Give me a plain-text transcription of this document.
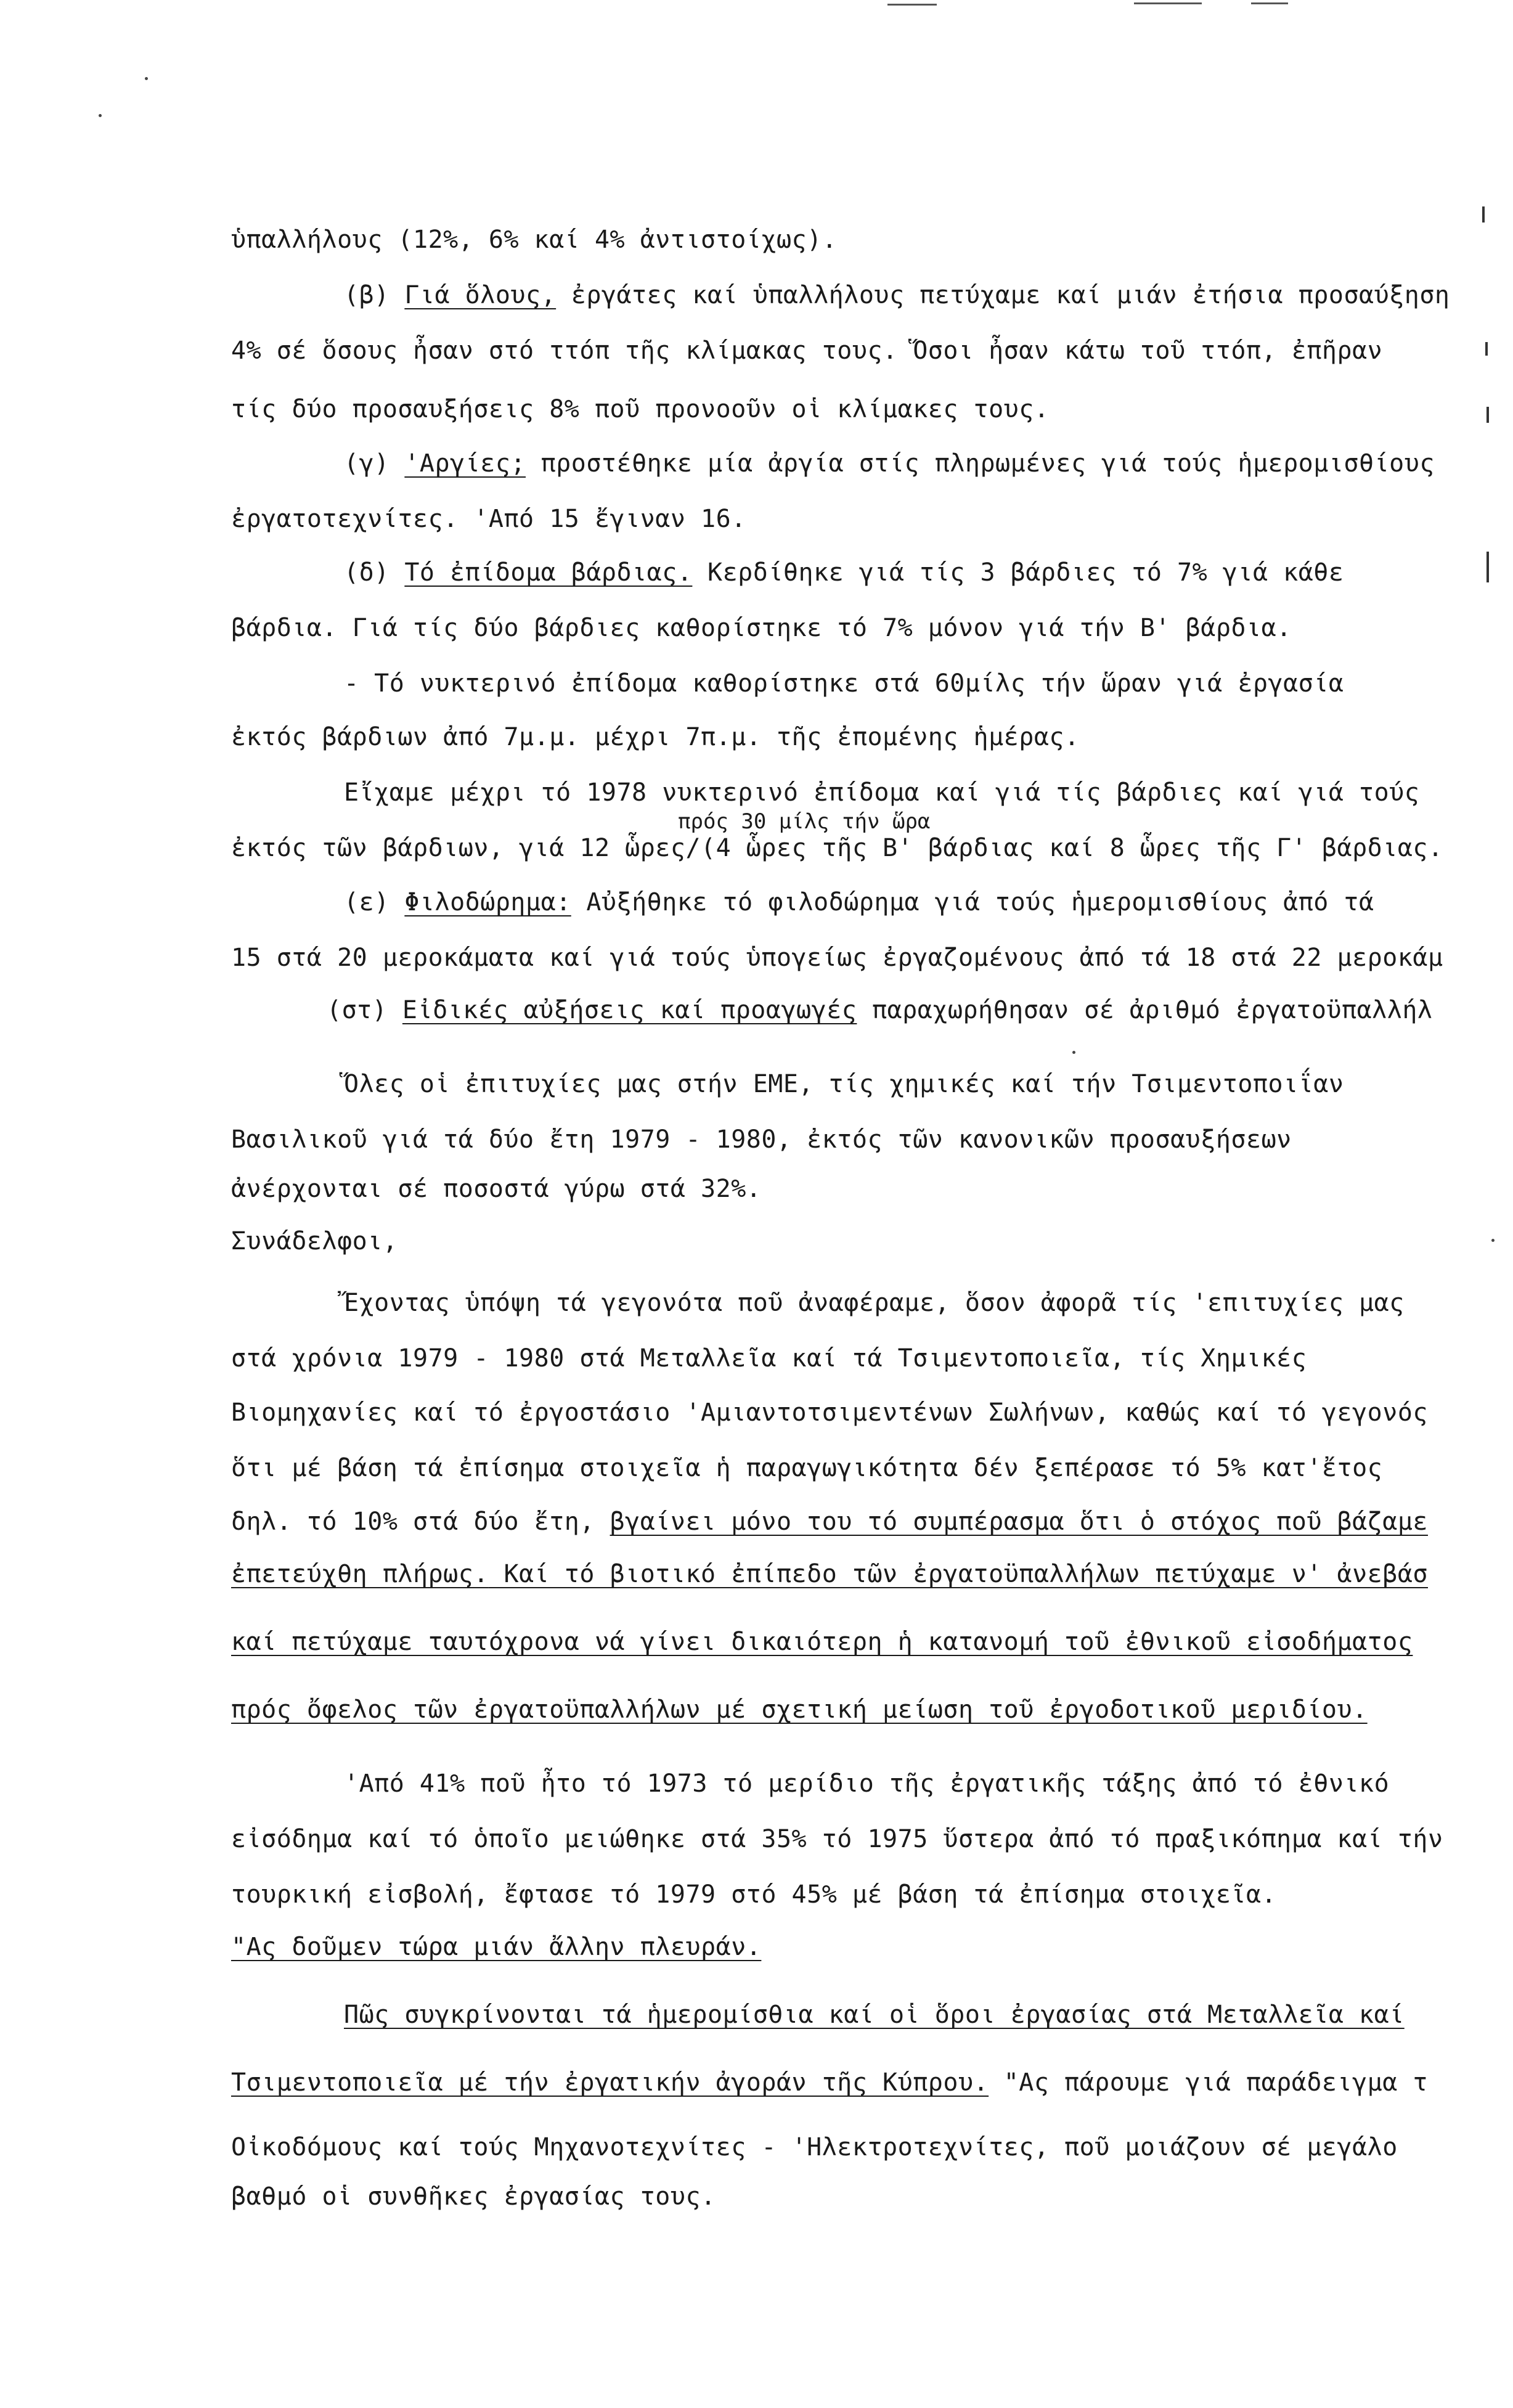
ὑπαλλήλους (12%, 6% καί 4% ἀντιστοίχως).
(β) Γιά ὅλους, ἐργάτες καί ὑπαλλήλους πετύχαμε καί μιάν ἐτήσια προσαύξηση
4% σέ ὅσους ἦσαν στό ττόπ τῆς κλίμακας τους. Ὅσοι ἦσαν κάτω τοῦ ττόπ, ἐπῆραν
τίς δύο προσαυξήσεις 8% ποῦ προνοοῦν οἱ κλίμακες τους.
(γ) 'Αργίες; προστέθηκε μία ἀργία στίς πληρωμένες γιά τούς ἡμερομισθίους
ἐργατοτεχνίτες. 'Από 15 ἔγιναν 16.
(δ) Τό ἐπίδομα βάρδιας. Κερδίθηκε γιά τίς 3 βάρδιες τό 7% γιά κάθε
βάρδια. Γιά τίς δύο βάρδιες καθορίστηκε τό 7% μόνον γιά τήν Β' βάρδια.
- Τό νυκτερινό ἐπίδομα καθορίστηκε στά 60μίλς τήν ὥραν γιά ἐργασία
ἐκτός βάρδιων ἀπό 7μ.μ. μέχρι 7π.μ. τῆς ἐπομένης ἡμέρας.
Εἴχαμε μέχρι τό 1978 νυκτερινό ἐπίδομα καί γιά τίς βάρδιες καί γιά τούς
πρός 30 μίλς τήν ὥρα
ἐκτός τῶν βάρδιων, γιά 12 ὧρες/(4 ὧρες τῆς Β' βάρδιας καί 8 ὧρες τῆς Γ' βάρδιας.
(ε) Φιλοδώρημα: Αὐξήθηκε τό φιλοδώρημα γιά τούς ἡμερομισθίους ἀπό τά
15 στά 20 μεροκάματα καί γιά τούς ὑπογείως ἐργαζομένους ἀπό τά 18 στά 22 μεροκάμ
(στ) Εἰδικές αὐξήσεις καί προαγωγές παραχωρήθησαν σέ ἀριθμό ἐργατοϋπαλλήλ
Ὅλες οἱ ἐπιτυχίες μας στήν ΕΜΕ, τίς χημικές καί τήν Τσιμεντοποιΐαν
Βασιλικοῦ γιά τά δύο ἔτη 1979 - 1980, ἐκτός τῶν κανονικῶν προσαυξήσεων
ἀνέρχονται σέ ποσοστά γύρω στά 32%.
Συνάδελφοι,
Ἔχοντας ὑπόψη τά γεγονότα ποῦ ἀναφέραμε, ὅσον ἀφορᾶ τίς 'επιτυχίες μας
στά χρόνια 1979 - 1980 στά Μεταλλεῖα καί τά Τσιμεντοποιεῖα, τίς Χημικές
Βιομηχανίες καί τό ἐργοστάσιο 'Αμιαντοτσιμεντένων Σωλήνων, καθώς καί τό γεγονός
ὅτι μέ βάση τά ἐπίσημα στοιχεῖα ἡ παραγωγικότητα δέν ξεπέρασε τό 5% κατ'ἔτος
δηλ. τό 10% στά δύο ἔτη, βγαίνει μόνο του τό συμπέρασμα ὅτι ὁ στόχος ποῦ βάζαμε
ἐπετεύχθη πλήρως. Καί τό βιοτικό ἐπίπεδο τῶν ἐργατοϋπαλλήλων πετύχαμε ν' ἀνεβάσ
καί πετύχαμε ταυτόχρονα νά γίνει δικαιότερη ἡ κατανομή τοῦ ἐθνικοῦ εἰσοδήματος
πρός ὄφελος τῶν ἐργατοϋπαλλήλων μέ σχετική μείωση τοῦ ἐργοδοτικοῦ μεριδίου.
'Από 41% ποῦ ἦτο τό 1973 τό μερίδιο τῆς ἐργατικῆς τάξης ἀπό τό ἐθνικό
εἰσόδημα καί τό ὁποῖο μειώθηκε στά 35% τό 1975 ὕστερα ἀπό τό πραξικόπημα καί τήν
τουρκική εἰσβολή, ἔφτασε τό 1979 στό 45% μέ βάση τά ἐπίσημα στοιχεῖα.
"Ας δοῦμεν τώρα μιάν ἄλλην πλευράν.
Πῶς συγκρίνονται τά ἡμερομίσθια καί οἱ ὅροι ἐργασίας στά Μεταλλεῖα καί
Τσιμεντοποιεῖα μέ τήν ἐργατικήν ἀγοράν τῆς Κύπρου. "Ας πάρουμε γιά παράδειγμα τ
Οἰκοδόμους καί τούς Μηχανοτεχνίτες - 'Ηλεκτροτεχνίτες, ποῦ μοιάζουν σέ μεγάλο
βαθμό οἱ συνθῆκες ἐργασίας τους.
